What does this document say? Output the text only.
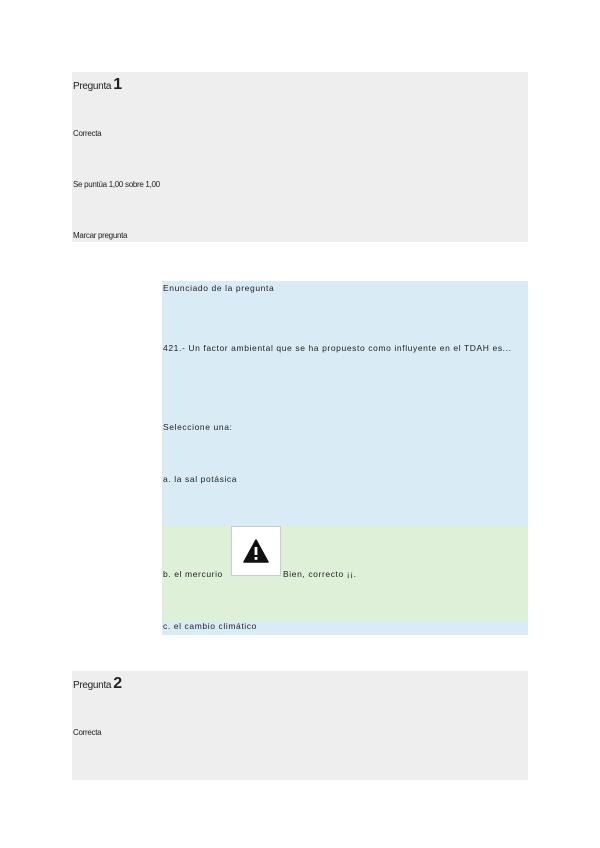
Pregunta 1
Correcta
Se puntúa 1,00 sobre 1,00
Marcar pregunta
Enunciado de la pregunta
421.- Un factor ambiental que se ha propuesto como influyente en el TDAH es...
Seleccione una:
a. la sal potásica
b. el mercurio	Bien, correcto ¡¡.
c. el cambio climático
Pregunta 2
Correcta
